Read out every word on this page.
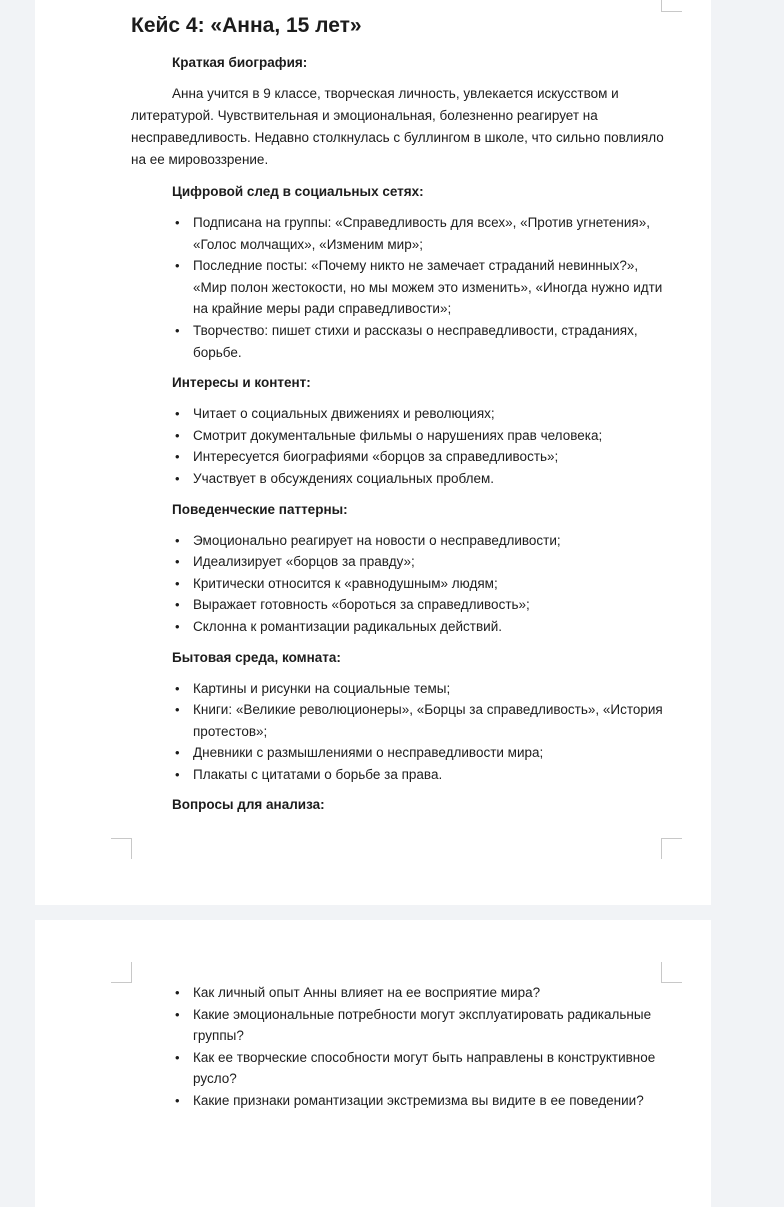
Кейс 4: «Анна, 15 лет»

Краткая биография:

Анна учится в 9 классе, творческая личность, увлекается искусством и литературой. Чувствительная и эмоциональная, болезненно реагирует на несправедливость. Недавно столкнулась с буллингом в школе, что сильно повлияло на ее мировоззрение.

Цифровой след в социальных сетях:

• Подписана на группы: «Справедливость для всех», «Против угнетения», «Голос молчащих», «Изменим мир»;
• Последние посты: «Почему никто не замечает страданий невинных?», «Мир полон жестокости, но мы можем это изменить», «Иногда нужно идти на крайние меры ради справедливости»;
• Творчество: пишет стихи и рассказы о несправедливости, страданиях, борьбе.

Интересы и контент:

• Читает о социальных движениях и революциях;
• Смотрит документальные фильмы о нарушениях прав человека;
• Интересуется биографиями «борцов за справедливость»;
• Участвует в обсуждениях социальных проблем.

Поведенческие паттерны:

• Эмоционально реагирует на новости о несправедливости;
• Идеализирует «борцов за правду»;
• Критически относится к «равнодушным» людям;
• Выражает готовность «бороться за справедливость»;
• Склонна к романтизации радикальных действий.

Бытовая среда, комната:

• Картины и рисунки на социальные темы;
• Книги: «Великие революционеры», «Борцы за справедливость», «История протестов»;
• Дневники с размышлениями о несправедливости мира;
• Плакаты с цитатами о борьбе за права.

Вопросы для анализа:

• Как личный опыт Анны влияет на ее восприятие мира?
• Какие эмоциональные потребности могут эксплуатировать радикальные группы?
• Как ее творческие способности могут быть направлены в конструктивное русло?
• Какие признаки романтизации экстремизма вы видите в ее поведении?
